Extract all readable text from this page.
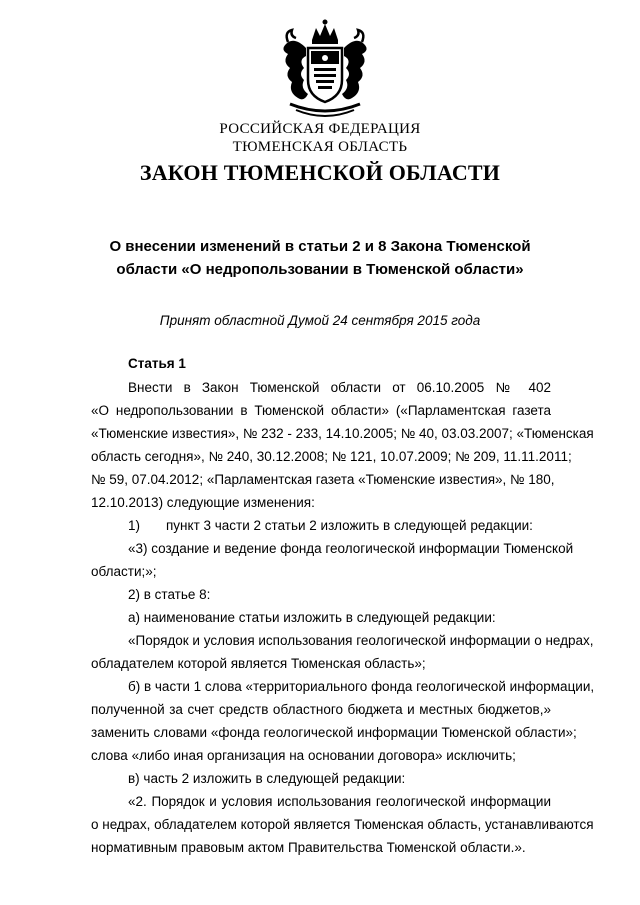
РОССИЙСКАЯ ФЕДЕРАЦИЯ
ТЮМЕНСКАЯ ОБЛАСТЬ
ЗАКОН ТЮМЕНСКОЙ ОБЛАСТИ
О внесении изменений в статьи 2 и 8 Закона Тюменской
области «О недропользовании в Тюменской области»
Принят областной Думой 24 сентября 2015 года
Статья 1
Внести в Закон Тюменской области от 06.10.2005 № 402
«О недропользовании в Тюменской области» («Парламентская газета
«Тюменские известия», № 232 - 233, 14.10.2005; № 40, 03.03.2007; «Тюменская
область сегодня», № 240, 30.12.2008; № 121, 10.07.2009; № 209, 11.11.2011;
№ 59, 07.04.2012; «Парламентская газета «Тюменские известия», № 180,
12.10.2013) следующие изменения:
1) пункт 3 части 2 статьи 2 изложить в следующей редакции:
«3) создание и ведение фонда геологической информации Тюменской
области;»;
2) в статье 8:
а) наименование статьи изложить в следующей редакции:
«Порядок и условия использования геологической информации о недрах,
обладателем которой является Тюменская область»;
б) в части 1 слова «территориального фонда геологической информации,
полученной за счет средств областного бюджета и местных бюджетов,»
заменить словами «фонда геологической информации Тюменской области»;
слова «либо иная организация на основании договора» исключить;
в) часть 2 изложить в следующей редакции:
«2. Порядок и условия использования геологической информации
о недрах, обладателем которой является Тюменская область, устанавливаются
нормативным правовым актом Правительства Тюменской области.».
